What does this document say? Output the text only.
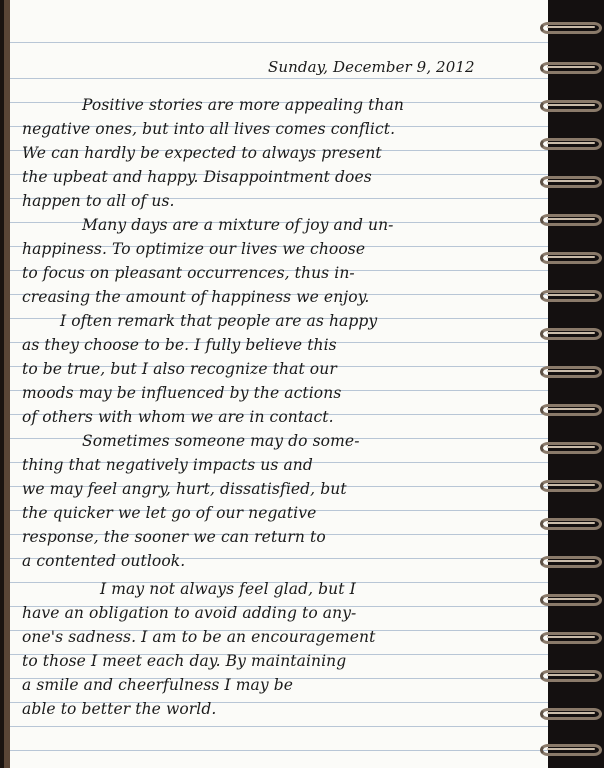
Sunday, December 9, 2012
Positive stories are more appealing than
negative ones, but into all lives comes conflict.
We can hardly be expected to always present
the upbeat and happy. Disappointment does
happen to all of us.
Many days are a mixture of joy and un-
happiness. To optimize our lives we choose
to focus on pleasant occurrences, thus in-
creasing the amount of happiness we enjoy.
I often remark that people are as happy
as they choose to be. I fully believe this
to be true, but I also recognize that our
moods may be influenced by the actions
of others with whom we are in contact.
Sometimes someone may do some-
thing that negatively impacts us and
we may feel angry, hurt, dissatisfied, but
the quicker we let go of our negative
response, the sooner we can return to
a contented outlook.
I may not always feel glad, but I
have an obligation to avoid adding to any-
one's sadness. I am to be an encouragement
to those I meet each day. By maintaining
a smile and cheerfulness I may be
able to better the world.
